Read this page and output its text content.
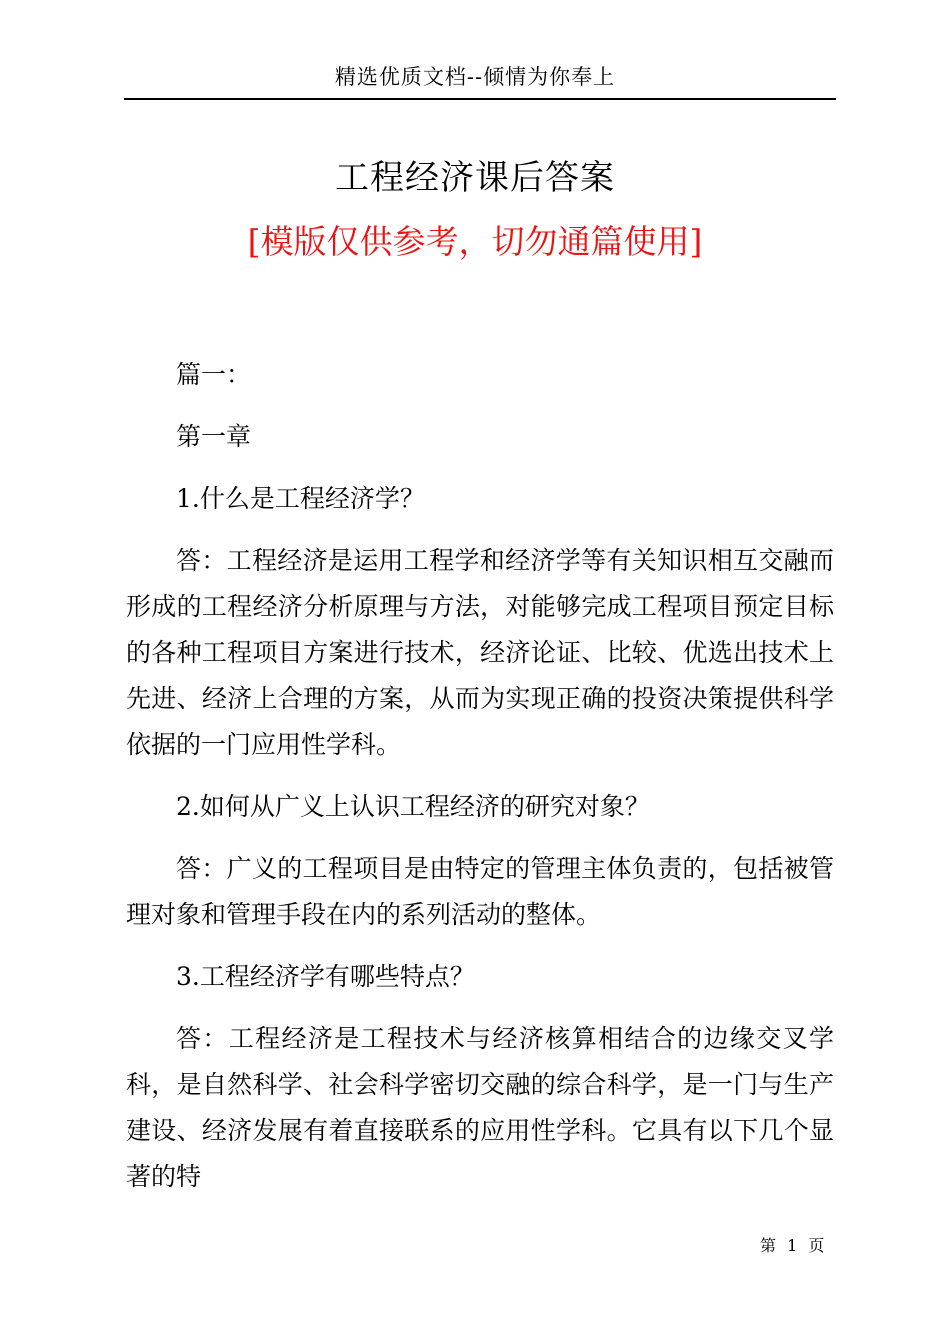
精选优质文档--倾情为你奉上
工程经济课后答案
[模版仅供参考，切勿通篇使用]

篇一：

第一章

1.什么是工程经济学？

答：工程经济是运用工程学和经济学等有关知识相互交融而形成的工程经济分析原理与方法，对能够完成工程项目预定目标的各种工程项目方案进行技术，经济论证、比较、优选出技术上先进、经济上合理的方案，从而为实现正确的投资决策提供科学依据的一门应用性学科。

2.如何从广义上认识工程经济的研究对象？

答：广义的工程项目是由特定的管理主体负责的，包括被管理对象和管理手段在内的系列活动的整体。

3.工程经济学有哪些特点？

答：工程经济是工程技术与经济核算相结合的边缘交叉学科，是自然科学、社会科学密切交融的综合科学，是一门与生产建设、经济发展有着直接联系的应用性学科。它具有以下几个显著的特

第 1 页
